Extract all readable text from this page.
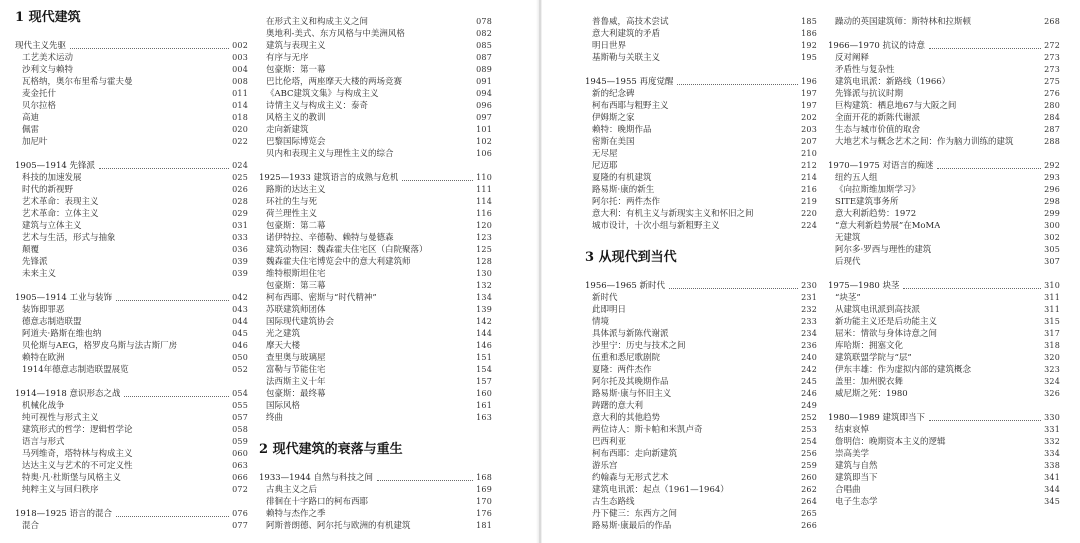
1 现代建筑
现代主义先驱	002
工艺美术运动	003
沙利文与赖特	004
瓦格纳，奥尔布里希与霍夫曼	008
麦金托什	011
贝尔拉格	014
高迪	018
佩雷	020
加尼叶	022
1905—1914 先锋派	024
科技的加速发展	025
时代的新视野	026
艺术革命：表现主义	028
艺术革命：立体主义	029
建筑与立体主义	031
艺术与生活，形式与抽象	033
颠覆	036
先锋派	039
未来主义	039
1905—1914 工业与装饰	042
装饰即罪恶	043
德意志制造联盟	044
阿道夫·路斯在维也纳	045
贝伦斯与AEG，格罗皮乌斯与法古斯厂房	046
赖特在欧洲	050
1914年德意志制造联盟展览	052
1914—1918 意识形态之战	054
机械化战争	055
纯可视性与形式主义	057
建筑形式的哲学：逻辑哲学论	058
语言与形式	059
马列维奇，塔特林与构成主义	060
达达主义与艺术的不可定义性	063
特奥·凡·杜斯堡与风格主义	066
纯粹主义与回归秩序	072
1918—1925 语言的混合	076
混合	077
在形式主义和构成主义之间	078
奥地利-美式、东方风格与中美洲风格	082
建筑与表现主义	085
有序与无序	087
包豪斯：第一幕	089
巴比伦塔，两座摩天大楼的两场竞赛	091
《ABC建筑文集》与构成主义	094
诗情主义与构成主义：泰奇	096
风格主义的教训	097
走向新建筑	101
巴黎国际博览会	102
贝内和表现主义与理性主义的综合	106
1925—1933 建筑语言的成熟与危机	110
路斯的达达主义	111
环社的生与死	114
荷兰理性主义	116
包豪斯：第二幕	120
诺伊特拉、辛德勒、赖特与曼德森	123
建筑动物园：魏森霍夫住宅区（白院聚落）	125
魏森霍夫住宅博览会中的意大利建筑师	128
维特根斯坦住宅	130
包豪斯：第三幕	132
柯布西耶、密斯与“时代精神”	134
苏联建筑师团体	139
国际现代建筑协会	142
光之建筑	144
摩天大楼	146
查里奥与玻璃屋	151
富勒与节能住宅	154
法西斯主义十年	157
包豪斯：最终幕	160
国际风格	161
终曲	163
2 现代建筑的衰落与重生
1933—1944 自然与科技之间	168
古典主义之后	169
徘徊在十字路口的柯布西耶	170
赖特与杰作之季	176
阿斯普朗德、阿尔托与欧洲的有机建筑	181
普鲁威，高技术尝试	185
意大利建筑的矛盾	186
明日世界	192
基斯勒与关联主义	195
1945—1955 再度觉醒	196
新的纪念碑	197
柯布西耶与粗野主义	197
伊姆斯之家	202
赖特：晚期作品	203
密斯在美国	207
无尽屋	210
尼迈耶	212
夏隆的有机建筑	214
路易斯·康的新生	216
阿尔托：两件杰作	219
意大利：有机主义与新现实主义和怀旧之间	220
城市设计，十次小组与新粗野主义	224
3 从现代到当代
1956—1965 新时代	230
新时代	231
此即明日	232
情境	233
具体派与新陈代谢派	234
沙里宁：历史与技术之间	236
伍重和悉尼歌剧院	240
夏隆：两件杰作	242
阿尔托及其晚期作品	245
路易斯·康与怀旧主义	246
踌躇的意大利	249
意大利的其他趋势	252
两位诗人：斯卡帕和米凯卢奇	253
巴西利亚	254
柯布西耶：走向新建筑	256
游乐宫	259
约翰森与无形式艺术	260
建筑电讯派：起点（1961—1964）	262
古生态路线	264
丹下健三：东西方之间	265
路易斯·康最后的作品	266
躁动的英国建筑师：斯特林和拉斯顿	268
1966—1970 抗议的诗意	272
反对阐释	273
矛盾性与复杂性	273
建筑电讯派：新路线（1966）	275
先锋派与抗议时期	276
巨构建筑：栖息地67与大阪之间	280
全面开花的新陈代谢派	284
生态与城市价值的取舍	287
大地艺术与概念艺术之间：作为脑力训练的建筑	288
1970—1975 对语言的痴迷	292
纽约五人组	293
《向拉斯维加斯学习》	296
SITE建筑事务所	298
意大利新趋势：1972	299
“意大利新趋势展”在MoMA	300
无建筑	302
阿尔多·罗西与理性的建筑	305
后现代	307
1975—1980 块茎	310
“块茎”	311
从建筑电讯派到高技派	311
新功能主义还是后功能主义	315
屈米：情欲与身体诗意之间	317
库哈斯：拥塞文化	318
建筑联盟学院与“层”	320
伊东丰雄：作为虚拟内部的建筑概念	323
盖里：加州脱衣舞	324
威尼斯之死：1980	326
1980—1989 建筑即当下	330
结束哀悼	331
詹明信：晚期资本主义的逻辑	332
崇高美学	334
建筑与自然	338
建筑即当下	341
合唱曲	344
电子生态学	345
